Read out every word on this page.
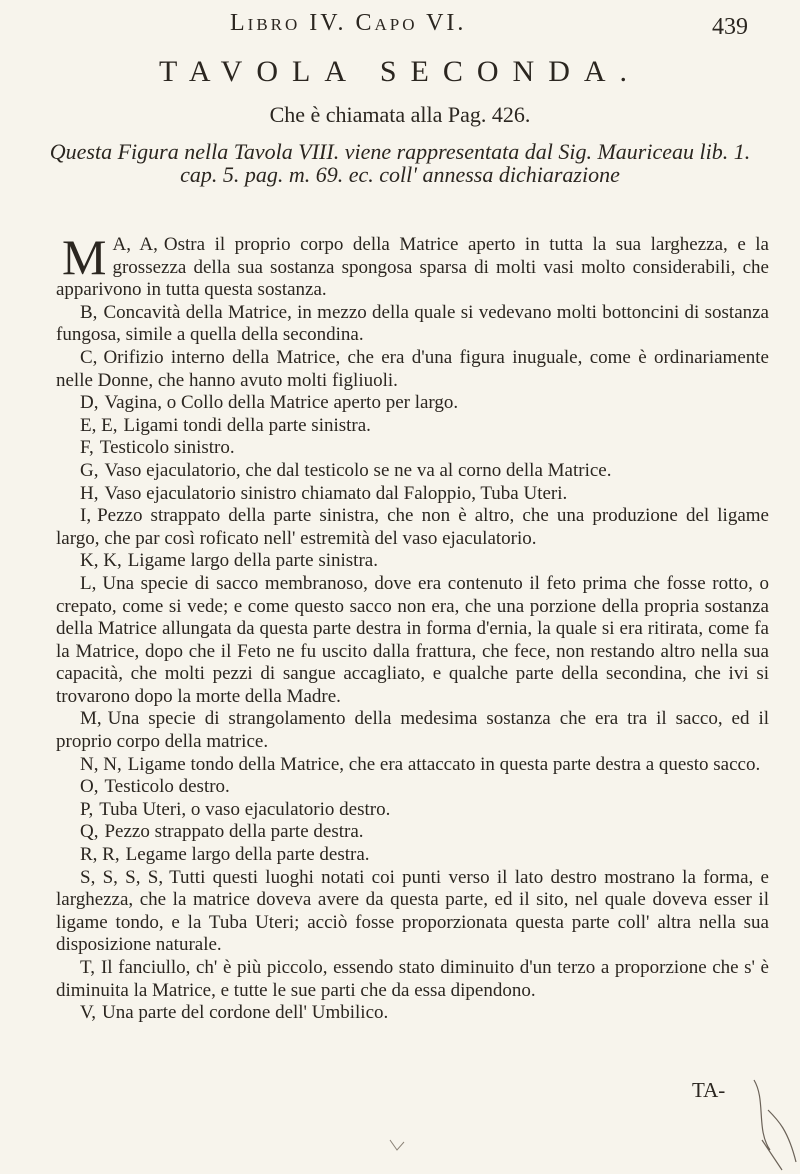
Libro IV. Capo VI.	439
TAVOLA SECONDA.
Che è chiamata alla Pag. 426.
Questa Figura nella Tavola VIII. viene rappresentata dal Sig. Mauriceau lib. 1. cap. 5. pag. m. 69. ec. coll' annessa dichiarazione

A, A,
M	Ostra il proprio corpo della Matrice aperto in tutta la sua larghezza, e la grossezza della sua sostanza spongosa sparsa di molti vasi molto considerabili, che apparivono in tutta questa sostanza.

B, Concavità della Matrice, in mezzo della quale si vedevano molti bottoncini di sostanza fungosa, simile a quella della secondina.

C, Orifizio interno della Matrice, che era d'una figura inuguale, come è ordinariamente nelle Donne, che hanno avuto molti figliuoli.

D, Vagina, o Collo della Matrice aperto per largo.

E, E, Ligami tondi della parte sinistra.

F, Testicolo sinistro.

G, Vaso ejaculatorio, che dal testicolo se ne va al corno della Matrice.

H, Vaso ejaculatorio sinistro chiamato dal Faloppio, Tuba Uteri.

I, Pezzo strappato della parte sinistra, che non è altro, che una produzione del ligame largo, che par così roficato nell' estremità del vaso ejaculatorio.

K, K, Ligame largo della parte sinistra.

L, Una specie di sacco membranoso, dove era contenuto il feto prima che fosse rotto, o crepato, come si vede; e come questo sacco non era, che una porzione della propria sostanza della Matrice allungata da questa parte destra in forma d'ernia, la quale si era ritirata, come fa la Matrice, dopo che il Feto ne fu uscito dalla frattura, che fece, non restando altro nella sua capacità, che molti pezzi di sangue accagliato, e qualche parte della secondina, che ivi si trovarono dopo la morte della Madre.

M, Una specie di strangolamento della medesima sostanza che era tra il sacco, ed il proprio corpo della matrice.

N, N, Ligame tondo della Matrice, che era attaccato in questa parte destra a questo sacco.

O, Testicolo destro.

P, Tuba Uteri, o vaso ejaculatorio destro.

Q, Pezzo strappato della parte destra.

R, R, Legame largo della parte destra.

S, S, S, S, Tutti questi luoghi notati coi punti verso il lato destro mostrano la forma, e larghezza, che la matrice doveva avere da questa parte, ed il sito, nel quale doveva esser il ligame tondo, e la Tuba Uteri; acciò fosse proporzionata questa parte coll' altra nella sua disposizione naturale.

T, Il fanciullo, ch' è più piccolo, essendo stato diminuito d'un terzo a proporzione che s' è diminuita la Matrice, e tutte le sue parti che da essa dipendono.

V, Una parte del cordone dell' Umbilico.

TA-
